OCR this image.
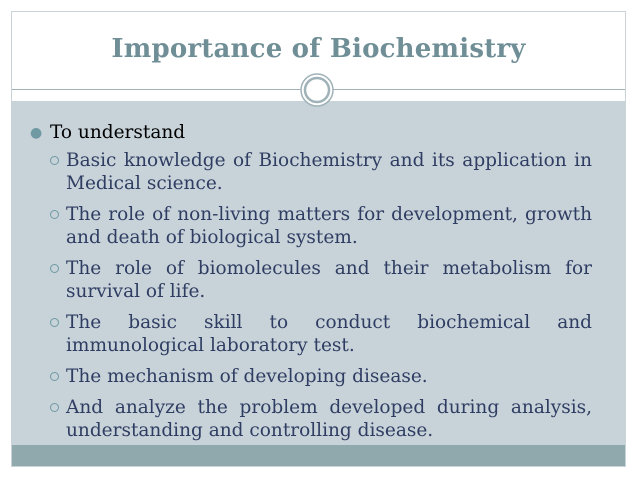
Importance of Biochemistry
● To understand
Basic knowledge of Biochemistry and its application in Medical science.
The role of non-living matters for development, growth and death of biological system.
The role of biomolecules and their metabolism for survival of life.
The basic skill to conduct biochemical and immunological laboratory test.
The mechanism of developing disease.
And analyze the problem developed during analysis, understanding and controlling disease.
